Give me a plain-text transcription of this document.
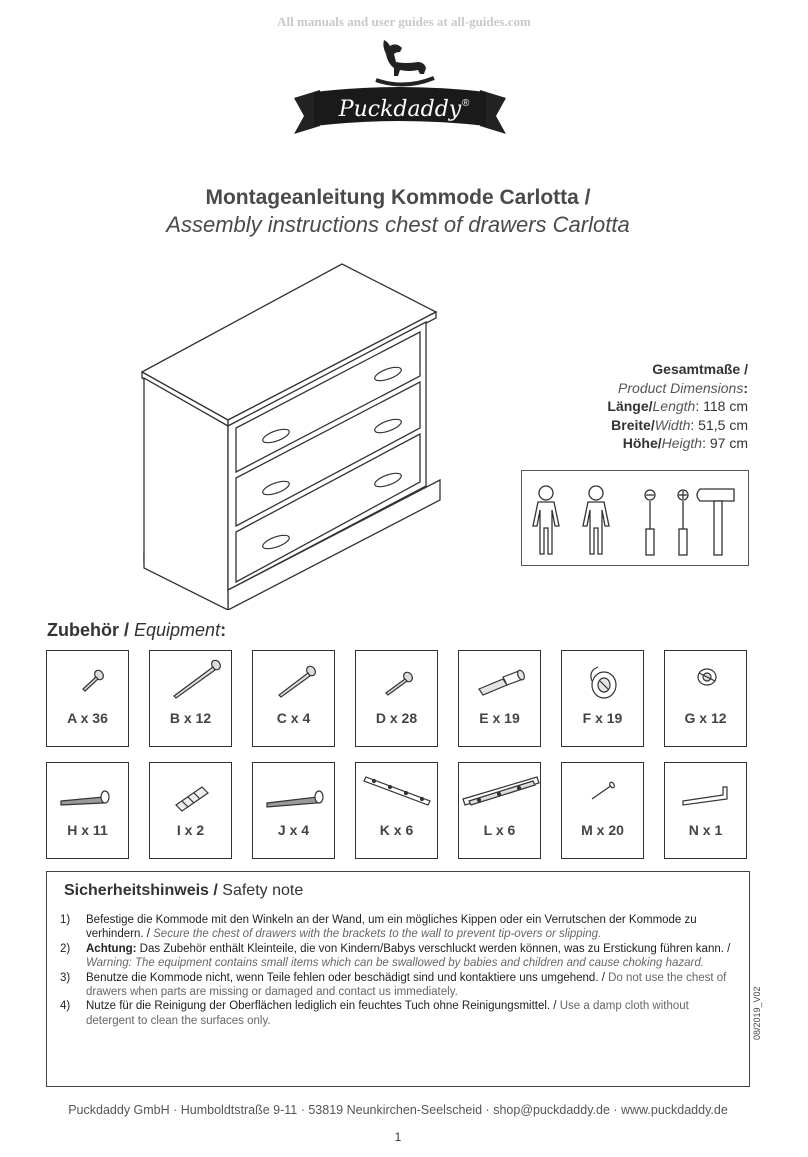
All manuals and user guides at all-guides.com
Puckdaddy ®
Montageanleitung Kommode Carlotta /
Assembly instructions chest of drawers Carlotta
Gesamtmaße /
Product Dimensions:
Länge/Length: 118 cm
Breite/Width: 51,5 cm
Höhe/Heigth: 97 cm
Zubehör / Equipment:
A x 36	B x 12	C x 4	D x 28	E x 19	F x 19	G x 12
H x 11	I x 2	J x 4	K x 6	L x 6	M x 20	N x 1
Sicherheitshinweis / Safety note
1) Befestige die Kommode mit den Winkeln an der Wand, um ein mögliches Kippen oder ein Verrutschen der Kommode zu verhindern. / Secure the chest of drawers with the brackets to the wall to prevent tip-overs or slipping.
2) Achtung: Das Zubehör enthält Kleinteile, die von Kindern/Babys verschluckt werden können, was zu Erstickung führen kann. / Warning: The equipment contains small items which can be swallowed by babies and children and cause choking hazard.
3) Benutze die Kommode nicht, wenn Teile fehlen oder beschädigt sind und kontaktiere uns umgehend. / Do not use the chest of drawers when parts are missing or damaged and contact us immediately.
4) Nutze für die Reinigung der Oberflächen lediglich ein feuchtes Tuch ohne Reinigungsmittel. / Use a damp cloth without detergent to clean the surfaces only.	08/2019_V02
Puckdaddy GmbH · Humboldtstraße 9-11 · 53819 Neunkirchen-Seelscheid · shop@puckdaddy.de · www.puckdaddy.de
1
